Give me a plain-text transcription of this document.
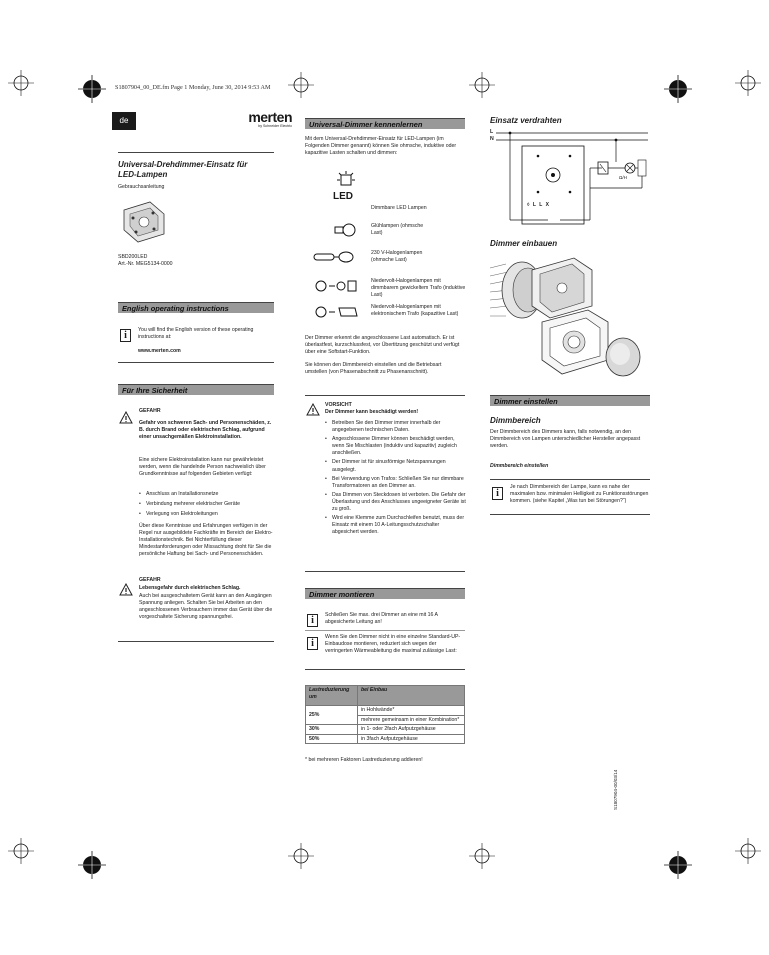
S1807904_00_DE.fm Page 1 Monday, June 30, 2014 9:53 AM
de	merten
by Schneider Electric
Universal-Drehdimmer-Einsatz für LED-Lampen
Gebrauchsanleitung
SBD200LED
Art.-Nr. MEG5134-0000
English operating instructions
i	You will find the English version of these operating instructions at:
www.merten.com
Für Ihre Sicherheit
GEFAHR
Gefahr von schweren Sach- und Personenschäden, z. B. durch Brand oder elektrischen Schlag, aufgrund einer unsachgemäßen Elektroinstallation.
Eine sichere Elektroinstallation kann nur gewährleistet werden, wenn die handelnde Person nachweislich über Grundkenntnisse auf folgenden Gebieten verfügt:
• Anschluss an Installationsnetze
• Verbindung mehrerer elektrischer Geräte
• Verlegung von Elektroleitungen
Über diese Kenntnisse und Erfahrungen verfügen in der Regel nur ausgebildete Fachkräfte im Bereich der Elektro-Installationstechnik. Bei Nichterfüllung dieser Mindestanforderungen oder Missachtung droht für Sie die persönliche Haftung bei Sach- und Personenschäden.
GEFAHR
Lebensgefahr durch elektrischen Schlag.
Auch bei ausgeschaltetem Gerät kann an den Ausgängen Spannung anliegen. Schalten Sie bei Arbeiten an den angeschlossenen Verbrauchern immer das Gerät über die vorgeschaltete Sicherung spannungsfrei.
Universal-Dimmer kennenlernen
Mit dem Universal-Drehdimmer-Einsatz für LED-Lampen (im Folgenden Dimmer genannt) können Sie ohmsche, induktive oder kapazitive Lasten schalten und dimmen:
LED
Dimmbare LED Lampen
Glühlampen (ohmsche Last)
230 V-Halogenlampen (ohmsche Last)
Niedervolt-Halogenlampen mit dimmbarem gewickeltem Trafo (induktive Last)
Niedervolt-Halogenlampen mit elektronischem Trafo (kapazitive Last)
Der Dimmer erkennt die angeschlossene Last automatisch. Er ist überlastfest, kurzschlussfest, vor Übertitzung geschützt und verfügt über eine Softstart-Funktion.
Sie können den Dimmbereich einstellen und die Betriebsart umstellen (von Phasenabschnitt zu Phasenanschnitt).
VORSICHT
Der Dimmer kann beschädigt werden!
• Betreiben Sie den Dimmer immer innerhalb der angegebenen technischen Daten.
• Angeschlossene Dimmer können beschädigt werden, wenn Sie Mischlasten (induktiv und kapazitiv) zugleich anschließen.
• Der Dimmer ist für sinusförmige Netzspannungen ausgelegt.
• Bei Verwendung von Trafos: Schließen Sie nur dimmbare Transformatoren an den Dimmer an.
• Das Dimmen von Steckdosen ist verboten. Die Gefahr der Überlastung und des Anschlusses ungeeigneter Geräte ist zu groß.
• Wird eine Klemme zum Durchschleifen benutzt, muss der Einsatz mit einem 10 A-Leitungsschutzschalter abgesichert werden.
Dimmer montieren
i	Schließen Sie max. drei Dimmer an eine mit 16 A abgesicherte Leitung an!
i
Wenn Sie den Dimmer nicht in eine einzelne Standard-UP-Einbaudose montieren, reduziert sich wegen der verringerten Wärmeableitung die maximal zulässige Last:
Lastreduzierung um	bei Einbau
25%	in Hohlwände*
	mehrere gemeinsam in einer Kombination*
30%	in 1- oder 2fach Aufputzgehäuse
50%	in 3fach Aufputzgehäuse
* bei mehreren Faktoren Lastreduzierung addieren!
Einsatz verdrahten
L
N
◊ L L X
Ω/H
Dimmer einbauen
Dimmer einstellen
Dimmbereich
Der Dimmbereich des Dimmers kann, falls notwendig, an den Dimmbereich von Lampen unterschiedlicher Hersteller angepasst werden.
Dimmbereich einstellen
i
Je nach Dimmbereich der Lampe, kann es nahe der maximalen bzw. minimalen Helligkeit zu Funktionsstörungen kommen. (siehe Kapitel „Was tun bei Störungen?“)
S1807904-00/03/14
